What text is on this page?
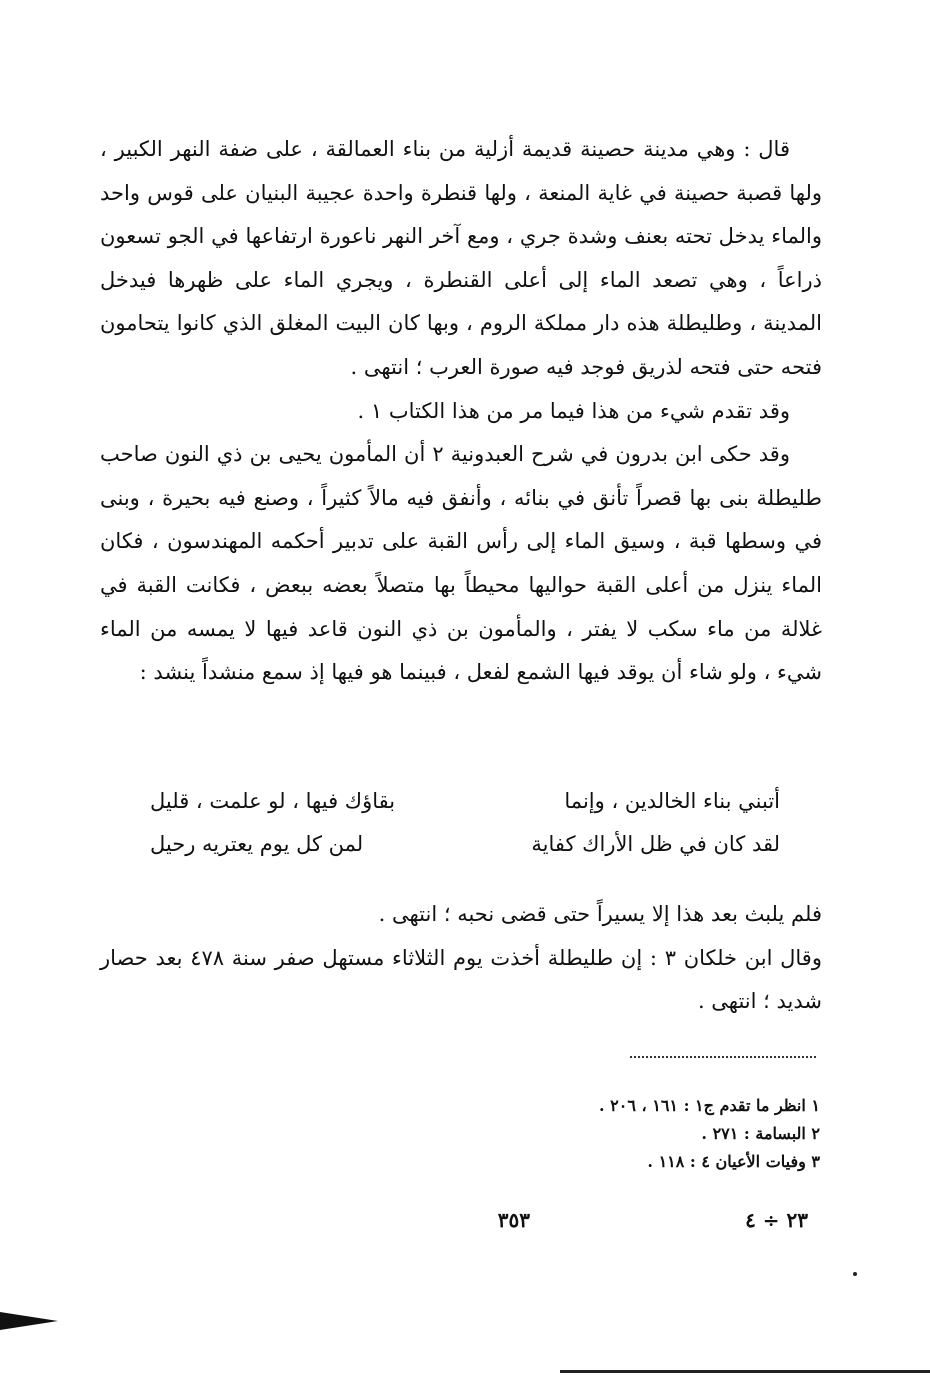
قال : وهي مدينة حصينة قديمة أزلية من بناء العمالقة ، على ضفة النهر الكبير ، ولها قصبة حصينة في غاية المنعة ، ولها قنطرة واحدة عجيبة البنيان على قوس واحد والماء يدخل تحته بعنف وشدة جري ، ومع آخر النهر ناعورة ارتفاعها في الجو تسعون ذراعاً ، وهي تصعد الماء إلى أعلى القنطرة ، ويجري الماء على ظهرها فيدخل المدينة ، وطليطلة هذه دار مملكة الروم ، وبها كان البيت المغلق الذي كانوا يتحامون فتحه حتى فتحه لذريق فوجد فيه صورة العرب ؛ انتهى .

وقد تقدم شيء من هذا فيما مر من هذا الكتاب ١ .

وقد حكى ابن بدرون في شرح العبدونية ٢ أن المأمون يحيى بن ذي النون صاحب طليطلة بنى بها قصراً تأنق في بنائه ، وأنفق فيه مالاً كثيراً ، وصنع فيه بحيرة ، وبنى في وسطها قبة ، وسيق الماء إلى رأس القبة على تدبير أحكمه المهندسون ، فكان الماء ينزل من أعلى القبة حواليها محيطاً بها متصلاً بعضه ببعض ، فكانت القبة في غلالة من ماء سكب لا يفتر ، والمأمون بن ذي النون قاعد فيها لا يمسه من الماء شيء ، ولو شاء أن يوقد فيها الشمع لفعل ، فبينما هو فيها إذ سمع منشداً ينشد :

أتبني بناء الخالدين ، وإنما
بقاؤك فيها ، لو علمت ، قليل
لقد كان في ظل الأراك كفاية
لمن كل يوم يعتريه رحيل

فلم يلبث بعد هذا إلا يسيراً حتى قضى نحبه ؛ انتهى .

وقال ابن خلكان ٣ : إن طليطلة أخذت يوم الثلاثاء مستهل صفر سنة ٤٧٨ بعد حصار شديد ؛ انتهى .

١ انظر ما تقدم ج١ : ١٦١ ، ٢٠٦ .

٢ البسامة : ٢٧١ .

٣ وفيات الأعيان ٤ : ١١٨ .

٢٣ ÷ ٤
٣٥٣
